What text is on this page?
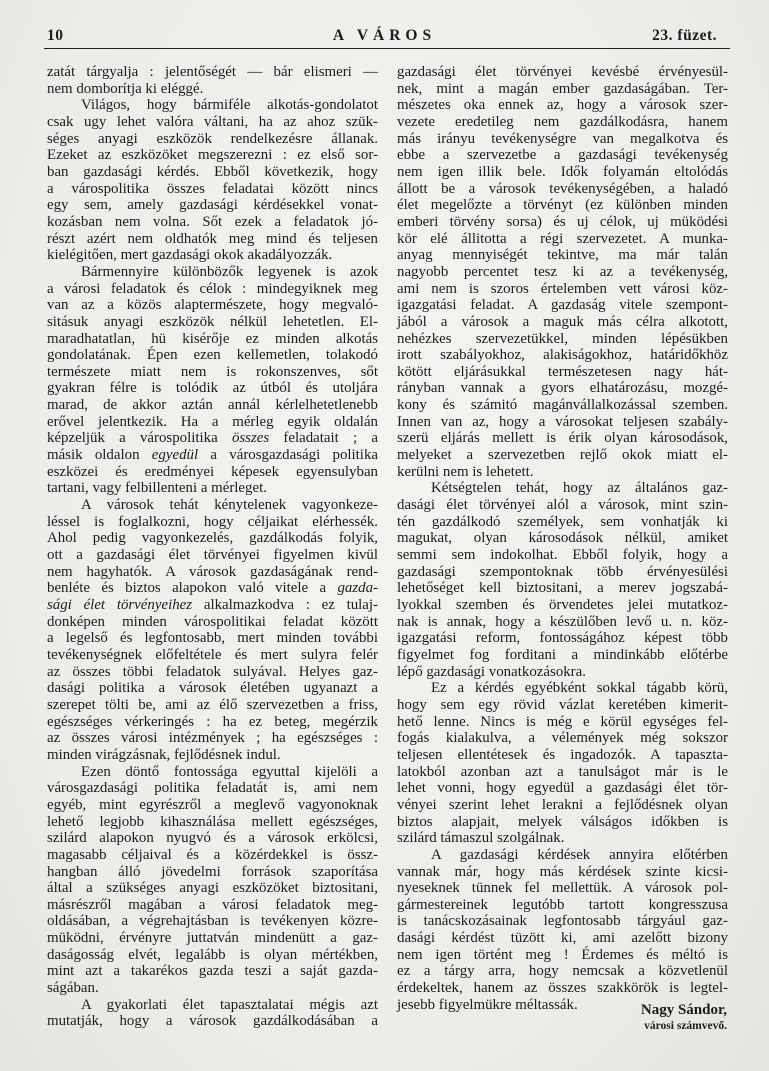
10	A VÁROS	23. füzet.
zatát tárgyalja : jelentőségét — bár elismeri —
nem domborítja ki eléggé.
Világos, hogy bármiféle alkotás-gondolatot
csak ugy lehet valóra váltani, ha az ahoz szük-
séges anyagi eszközök rendelkezésre állanak.
Ezeket az eszközöket megszerezni : ez első sor-
ban gazdasági kérdés. Ebből következik, hogy
a várospolitika összes feladatai között nincs
egy sem, amely gazdasági kérdésekkel vonat-
kozásban nem volna. Sőt ezek a feladatok jó-
részt azért nem oldhatók meg mind és teljesen
kielégitően, mert gazdasági okok akadályozzák.
Bármennyire különbözők legyenek is azok
a városi feladatok és célok : mindegyiknek meg
van az a közös alaptermészete, hogy megvaló-
sitásuk anyagi eszközök nélkül lehetetlen. El-
maradhatatlan, hü kisérője ez minden alkotás
gondolatának. Épen ezen kellemetlen, tolakodó
természete miatt nem is rokonszenves, sőt
gyakran félre is tolódik az útból és utoljára
marad, de akkor aztán annál kérlelhetetlenebb
erővel jelentkezik. Ha a mérleg egyik oldalán
képzeljük a várospolitika összes feladatait ; a
másik oldalon egyedül a városgazdasági politika
eszközei és eredményei képesek egyensulyban
tartani, vagy felbillenteni a mérleget.
A városok tehát kénytelenek vagyonkeze-
léssel is foglalkozni, hogy céljaikat elérhessék.
Ahol pedig vagyonkezelés, gazdálkodás folyik,
ott a gazdasági élet törvényei figyelmen kivül
nem hagyhatók. A városok gazdaságának rend-
benléte és biztos alapokon való vitele a gazda-
sági élet törvényeihez alkalmazkodva : ez tulaj-
donképen minden várospolitikai feladat között
a legelső és legfontosabb, mert minden további
tevékenységnek előfeltétele és mert sulyra felér
az összes többi feladatok sulyával. Helyes gaz-
dasági politika a városok életében ugyanazt a
szerepet tölti be, ami az élő szervezetben a friss,
egészséges vérkeringés : ha ez beteg, megérzik
az összes városi intézmények ; ha egészséges :
minden virágzásnak, fejlődésnek indul.
Ezen döntő fontossága egyuttal kijelöli a
városgazdasági politika feladatát is, ami nem
egyéb, mint egyrészről a meglevő vagyonoknak
lehető legjobb kihasználása mellett egészséges,
szilárd alapokon nyugvó és a városok erkölcsi,
magasabb céljaival és a közérdekkel is össz-
hangban álló jövedelmi források szaporítása
által a szükséges anyagi eszközöket biztositani,
másrészről magában a városi feladatok meg-
oldásában, a végrehajtásban is tevékenyen közre-
müködni, érvényre juttatván mindenütt a gaz-
daságosság elvét, legalább is olyan mértékben,
mint azt a takarékos gazda teszi a saját gazda-
ságában.
A gyakorlati élet tapasztalatai mégis azt
mutatják, hogy a városok gazdálkodásában a
gazdasági élet törvényei kevésbé érvényesül-
nek, mint a magán ember gazdaságában. Ter-
mészetes oka ennek az, hogy a városok szer-
vezete eredetileg nem gazdálkodásra, hanem
más irányu tevékenységre van megalkotva és
ebbe a szervezetbe a gazdasági tevékenység
nem igen illik bele. Idők folyamán eltolódás
állott be a városok tevékenységében, a haladó
élet megelőzte a törvényt (ez különben minden
emberi törvény sorsa) és uj célok, uj müködési
kör elé állitotta a régi szervezetet. A munka-
anyag mennyiségét tekintve, ma már talán
nagyobb percentet tesz ki az a tevékenység,
ami nem is szoros értelemben vett városi köz-
igazgatási feladat. A gazdaság vitele szempont-
jából a városok a maguk más célra alkotott,
nehézkes szervezetükkel, minden lépésükben
irott szabályokhoz, alakiságokhoz, határidőkhöz
kötött eljárásukkal természetesen nagy hát-
rányban vannak a gyors elhatározásu, mozgé-
kony és számitó magánvállalkozással szemben.
Innen van az, hogy a városokat teljesen szabály-
szerü eljárás mellett is érik olyan károsodások,
melyeket a szervezetben rejlő okok miatt el-
kerülni nem is lehetett.
Kétségtelen tehát, hogy az általános gaz-
dasági élet törvényei alól a városok, mint szin-
tén gazdálkodó személyek, sem vonhatják ki
magukat, olyan károsodások nélkül, amiket
semmi sem indokolhat. Ebből folyik, hogy a
gazdasági szempontoknak több érvényesülési
lehetőséget kell biztositani, a merev jogszabá-
lyokkal szemben és örvendetes jelei mutatkoz-
nak is annak, hogy a készülőben levő u. n. köz-
igazgatási reform, fontosságához képest több
figyelmet fog forditani a mindinkább előtérbe
lépő gazdasági vonatkozásokra.
Ez a kérdés egyébként sokkal tágabb körü,
hogy sem egy rövid vázlat keretében kimerit-
hető lenne. Nincs is még e körül egységes fel-
fogás kialakulva, a vélemények még sokszor
teljesen ellentétesek és ingadozók. A tapaszta-
latokból azonban azt a tanulságot már is le
lehet vonni, hogy egyedül a gazdasági élet tör-
vényei szerint lehet lerakni a fejlődésnek olyan
biztos alapjait, melyek válságos időkben is
szilárd támaszul szolgálnak.
A gazdasági kérdések annyira előtérben
vannak már, hogy más kérdések szinte kicsi-
nyeseknek tünnek fel mellettük. A városok pol-
gármestereinek legutóbb tartott kongresszusa
is tanácskozásainak legfontosabb tárgyául gaz-
dasági kérdést tüzött ki, ami azelőtt bizony
nem igen történt meg ! Érdemes és méltó is
ez a tárgy arra, hogy nemcsak a közvetlenül
érdekeltek, hanem az összes szakkörök is legtel-
jesebb figyelmükre méltassák.	Nagy Sándor,
városi számvevő.
